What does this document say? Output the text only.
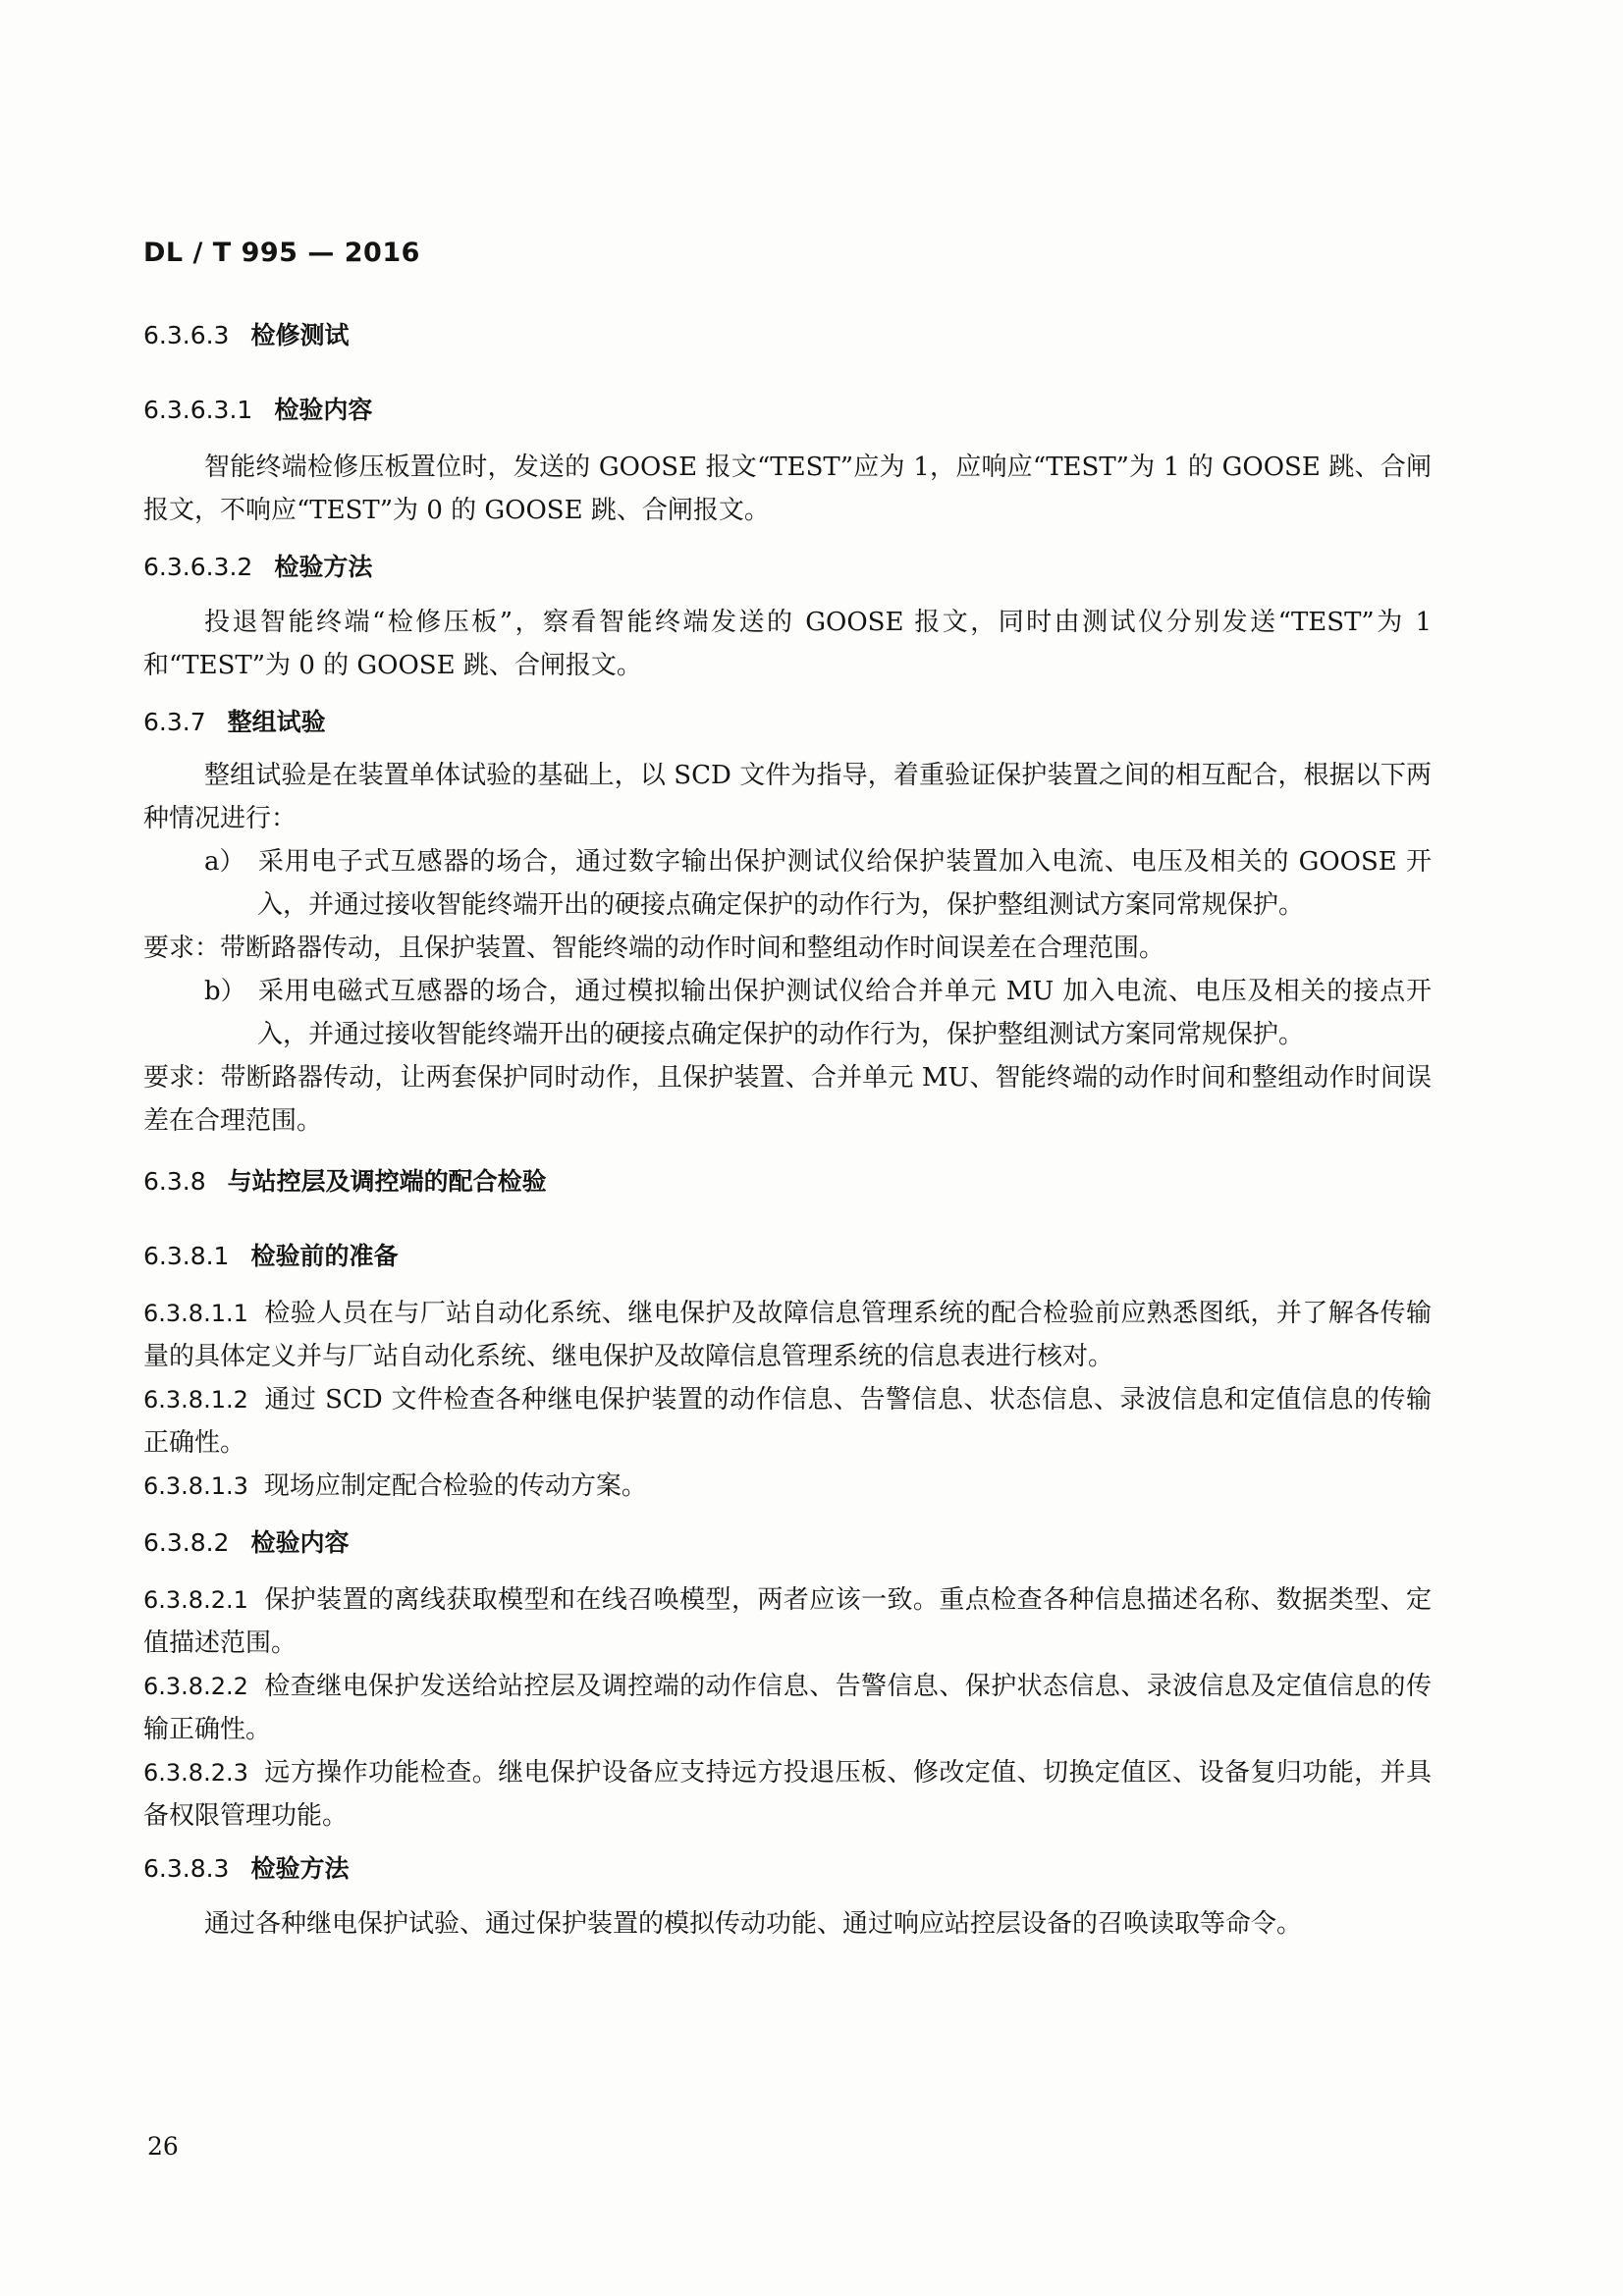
DL / T 995 — 2016
6.3.6.3 检修测试
6.3.6.3.1 检验内容

智能终端检修压板置位时，发送的 GOOSE 报文“TEST”应为 1，应响应“TEST”为 1 的 GOOSE 跳、合闸报文，不响应“TEST”为 0 的 GOOSE 跳、合闸报文。

6.3.6.3.2 检验方法

投退智能终端“检修压板”，察看智能终端发送的 GOOSE 报文，同时由测试仪分别发送“TEST”为 1 和“TEST”为 0 的 GOOSE 跳、合闸报文。

6.3.7 整组试验

整组试验是在装置单体试验的基础上，以 SCD 文件为指导，着重验证保护装置之间的相互配合，根据以下两种情况进行：

a） 采用电子式互感器的场合，通过数字输出保护测试仪给保护装置加入电流、电压及相关的 GOOSE 开入，并通过接收智能终端开出的硬接点确定保护的动作行为，保护整组测试方案同常规保护。

要求：带断路器传动，且保护装置、智能终端的动作时间和整组动作时间误差在合理范围。

b） 采用电磁式互感器的场合，通过模拟输出保护测试仪给合并单元 MU 加入电流、电压及相关的接点开入，并通过接收智能终端开出的硬接点确定保护的动作行为，保护整组测试方案同常规保护。

要求：带断路器传动，让两套保护同时动作，且保护装置、合并单元 MU、智能终端的动作时间和整组动作时间误差在合理范围。

6.3.8 与站控层及调控端的配合检验
6.3.8.1 检验前的准备

6.3.8.1.1 检验人员在与厂站自动化系统、继电保护及故障信息管理系统的配合检验前应熟悉图纸，并了解各传输量的具体定义并与厂站自动化系统、继电保护及故障信息管理系统的信息表进行核对。

6.3.8.1.2 通过 SCD 文件检查各种继电保护装置的动作信息、告警信息、状态信息、录波信息和定值信息的传输正确性。

6.3.8.1.3 现场应制定配合检验的传动方案。

6.3.8.2 检验内容

6.3.8.2.1 保护装置的离线获取模型和在线召唤模型，两者应该一致。重点检查各种信息描述名称、数据类型、定值描述范围。

6.3.8.2.2 检查继电保护发送给站控层及调控端的动作信息、告警信息、保护状态信息、录波信息及定值信息的传输正确性。

6.3.8.2.3 远方操作功能检查。继电保护设备应支持远方投退压板、修改定值、切换定值区、设备复归功能，并具备权限管理功能。

6.3.8.3 检验方法

通过各种继电保护试验、通过保护装置的模拟传动功能、通过响应站控层设备的召唤读取等命令。

26
